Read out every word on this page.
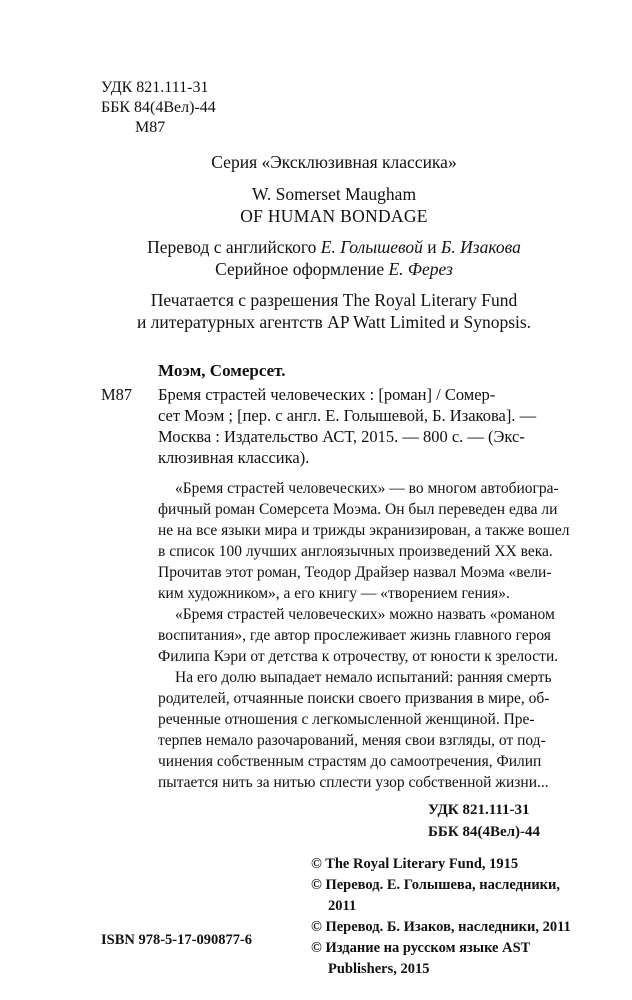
УДК 821.111-31
ББК 84(4Вел)-44
М87
Серия «Эксклюзивная классика»
W. Somerset Maugham
OF HUMAN BONDAGE
Перевод с английского Е. Голышевой и Б. Изакова
Серийное оформление Е. Ферез
Печатается с разрешения The Royal Literary Fund
и литературных агентств AP Watt Limited и Synopsis.
Моэм, Сомерсет.
М87 Бремя страстей человеческих : [роман] / Сомер-
сет Моэм ; [пер. с англ. Е. Голышевой, Б. Изакова]. —
Москва : Издательство АСТ, 2015. — 800 с. — (Экс-
клюзивная классика).
«Бремя страстей человеческих» — во многом автобиогра-
фичный роман Сомерсета Моэма. Он был переведен едва ли
не на все языки мира и трижды экранизирован, а также вошел
в список 100 лучших англоязычных произведений XX века.
Прочитав этот роман, Теодор Драйзер назвал Моэма «вели-
ким художником», а его книгу — «творением гения».
«Бремя страстей человеческих» можно назвать «романом
воспитания», где автор прослеживает жизнь главного героя
Филипа Кэри от детства к отрочеству, от юности к зрелости.
На его долю выпадает немало испытаний: ранняя смерть
родителей, отчаянные поиски своего призвания в мире, об-
реченные отношения с легкомысленной женщиной. Пре-
терпев немало разочарований, меняя свои взгляды, от под-
чинения собственным страстям до самоотречения, Филип
пытается нить за нитью сплести узор собственной жизни...
УДК 821.111-31
ББК 84(4Вел)-44
ISBN 978-5-17-090877-6
© The Royal Literary Fund, 1915
© Перевод. Е. Голышева, наследники,
2011
© Перевод. Б. Изаков, наследники, 2011
© Издание на русском языке AST
Publishers, 2015
